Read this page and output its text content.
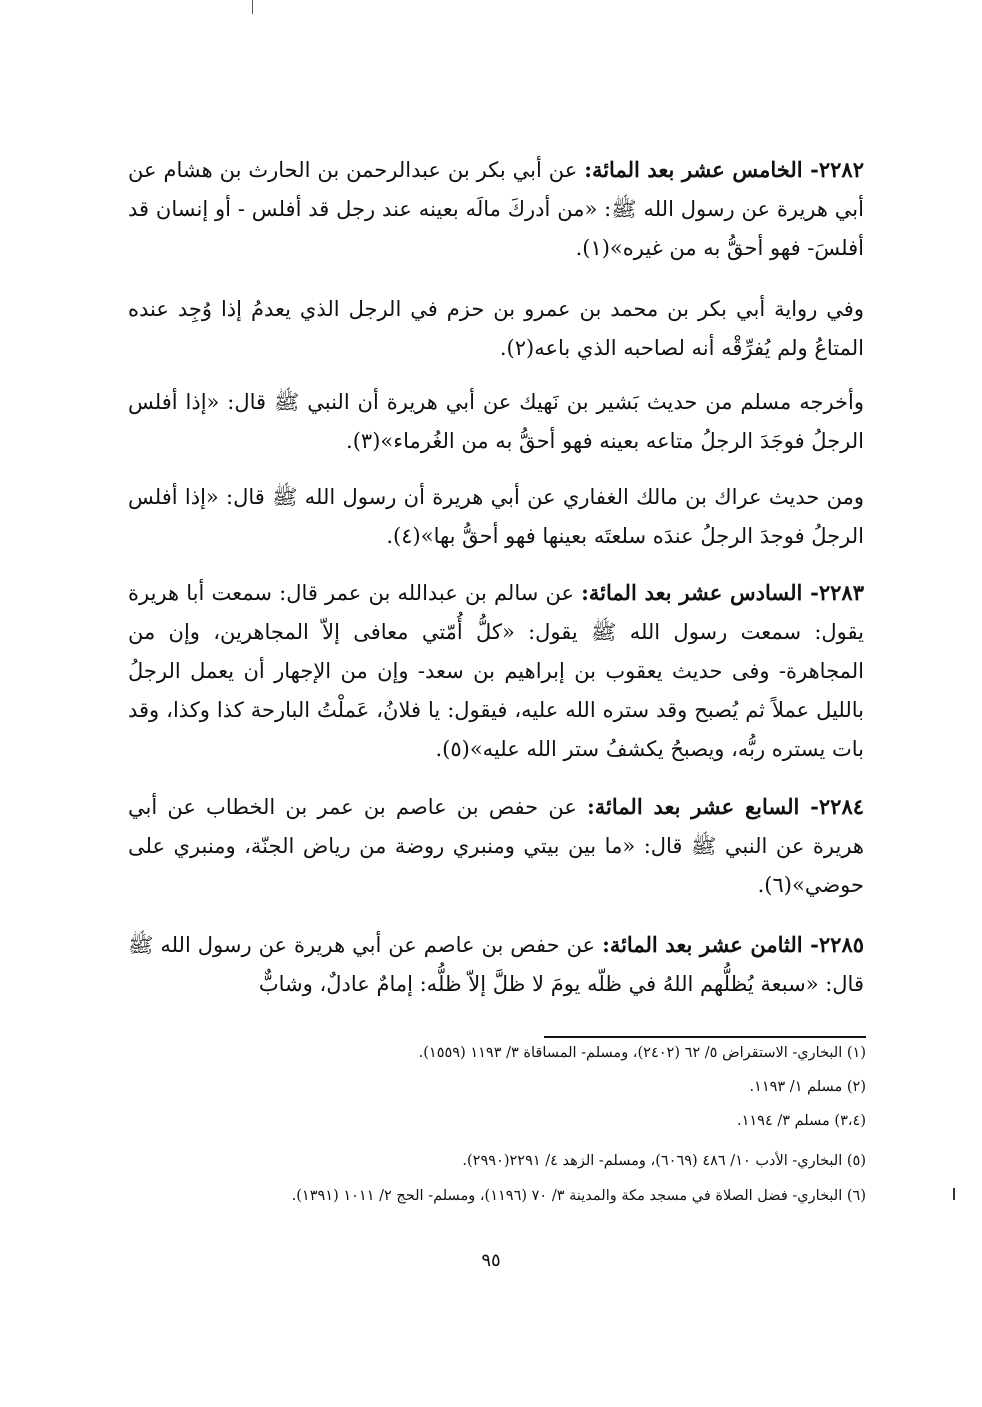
٢٢٨٢- الخامس عشر بعد المائة: عن أبي بكر بن عبدالرحمن بن الحارث بن هشام عن أبي هريرة عن رسول الله ﷺ: «من أدركَ مالَه بعينه عند رجل قد أفلس - أو إنسان قد أفلسَ- فهو أحقُّ به من غيره»(١).

وفي رواية أبي بكر بن محمد بن عمرو بن حزم في الرجل الذي يعدمُ إذا وُجِد عنده المتاعُ ولم يُفرِّقْه أنه لصاحبه الذي باعه(٢).

وأخرجه مسلم من حديث بَشير بن نَهيك عن أبي هريرة أن النبي ﷺ قال: «إذا أفلس الرجلُ فوجَدَ الرجلُ متاعه بعينه فهو أحقُّ به من الغُرماء»(٣).

ومن حديث عراك بن مالك الغفاري عن أبي هريرة أن رسول الله ﷺ قال: «إذا أفلس الرجلُ فوجدَ الرجلُ عندَه سلعتَه بعينها فهو أحقُّ بها»(٤).

٢٢٨٣- السادس عشر بعد المائة: عن سالم بن عبدالله بن عمر قال: سمعت أبا هريرة يقول: سمعت رسول الله ﷺ يقول: «كلُّ أُمّتي معافى إلاّ المجاهرين، وإن من المجاهرة- وفى حديث يعقوب بن إبراهيم بن سعد- وإن من الإجهار أن يعمل الرجلُ بالليل عملاً ثم يُصبح وقد ستره الله عليه، فيقول: يا فلانُ، عَملْتُ البارحة كذا وكذا، وقد بات يستره ربُّه، ويصبحُ يكشفُ ستر الله عليه»(٥).

٢٢٨٤- السابع عشر بعد المائة: عن حفص بن عاصم بن عمر بن الخطاب عن أبي هريرة عن النبي ﷺ قال: «ما بين بيتي ومنبري روضة من رياض الجنّة، ومنبري على حوضي»(٦).

٢٢٨٥- الثامن عشر بعد المائة: عن حفص بن عاصم عن أبي هريرة عن رسول الله ﷺ قال: «سبعة يُظلُّهم اللهُ في ظلّه يومَ لا ظلَّ إلاّ ظلُّه: إمامٌ عادلٌ، وشابٌّ

(١) البخاري- الاستقراض ٥/ ٦٢ (٢٤٠٢)، ومسلم- المساقاة ٣/ ١١٩٣ (١٥٥٩).
(٢) مسلم ١/ ١١٩٣.
(٣،٤) مسلم ٣/ ١١٩٤.
(٥) البخاري- الأدب ١٠/ ٤٨٦ (٦٠٦٩)، ومسلم- الزهد ٤/ ٢٢٩١(٢٩٩٠).
(٦) البخاري- فضل الصلاة في مسجد مكة والمدينة ٣/ ٧٠ (١١٩٦)، ومسلم- الحج ٢/ ١٠١١ (١٣٩١).
٩٥
